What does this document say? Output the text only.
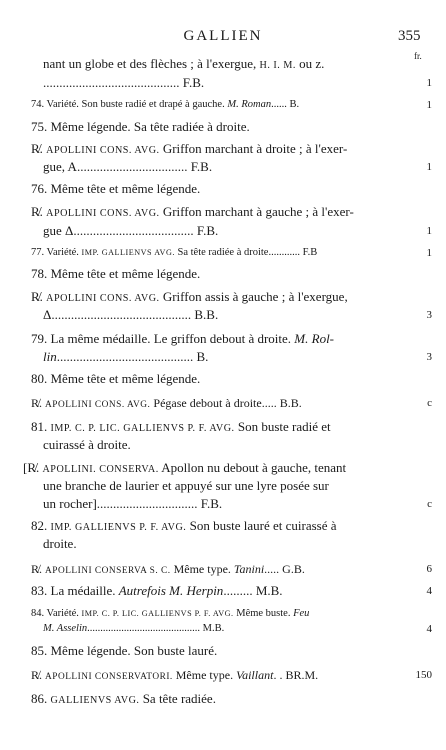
GALLIEN	355
fr.
nant un globe et des flèches ; à l'exergue, H. I. M. ou z.
.......................................... F.B.	1
74. Variété. Son buste radié et drapé à gauche. M. Roman...... B.	1
75. Même légende. Sa tête radiée à droite.
R̸. APOLLINI CONS. AVG. Griffon marchant à droite ; à l'exer-
gue, A.................................. F.B.	1
76. Même tête et même légende.
R̸. APOLLINI CONS. AVG. Griffon marchant à gauche ; à l'exer-
gue Δ..................................... F.B.	1
77. Variété. IMP. GALLIENVS AVG. Sa tête radiée à droite............ F.B	1
78. Même tête et même légende.
R̸. APOLLINI CONS. AVG. Griffon assis à gauche ; à l'exergue,
Δ........................................... B.B.	3
79. La même médaille. Le griffon debout à droite. M. Rol-
lin.......................................... B.	3
80. Même tête et même légende.
R̸. APOLLINI CONS. AVG. Pégase debout à droite..... B.B.	c
81. IMP. C. P. LIC. GALLIENVS P. F. AVG. Son buste radié et
cuirassé à droite.
[R̸. APOLLINI. CONSERVA. Apollon nu debout à gauche, tenant
une branche de laurier et appuyé sur une lyre posée sur
un rocher]............................... F.B.	c
82. IMP. GALLIENVS P. F. AVG. Son buste lauré et cuirassé à
droite.
R̸. APOLLINI CONSERVA S. C. Même type. Tanini..... G.B.	6
83. La médaille. Autrefois M. Herpin......... M.B.	4
84. Variété. IMP. C. P. LIC. GALLIENVS P. F. AVG. Même buste. Feu
M. Asselin........................................... M.B.	4
85. Même légende. Son buste lauré.
R̸. APOLLINI CONSERVATORI. Même type. Vaillant. . BR.M.	150
86. GALLIENVS AVG. Sa tête radiée.
